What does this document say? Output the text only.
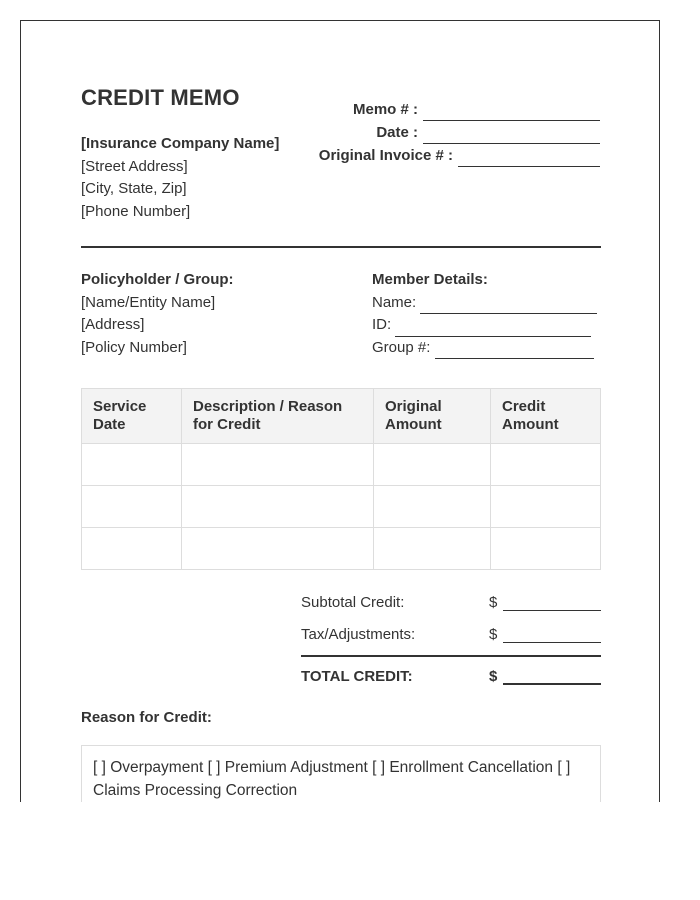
CREDIT MEMO
[Insurance Company Name]
[Street Address]
[City, State, Zip]
[Phone Number]
Memo # :
Date :
Original Invoice # :
Policyholder / Group:
[Name/Entity Name]
[Address]
[Policy Number]
Member Details:
Name:
ID:
Group #:
Service Date	Description / Reason for Credit	Original Amount	Credit Amount

Subtotal Credit:	$
Tax/Adjustments:	$
TOTAL CREDIT:	$
Reason for Credit:
[ ] Overpayment [ ] Premium Adjustment [ ] Enrollment Cancellation [ ] Claims Processing Correction
